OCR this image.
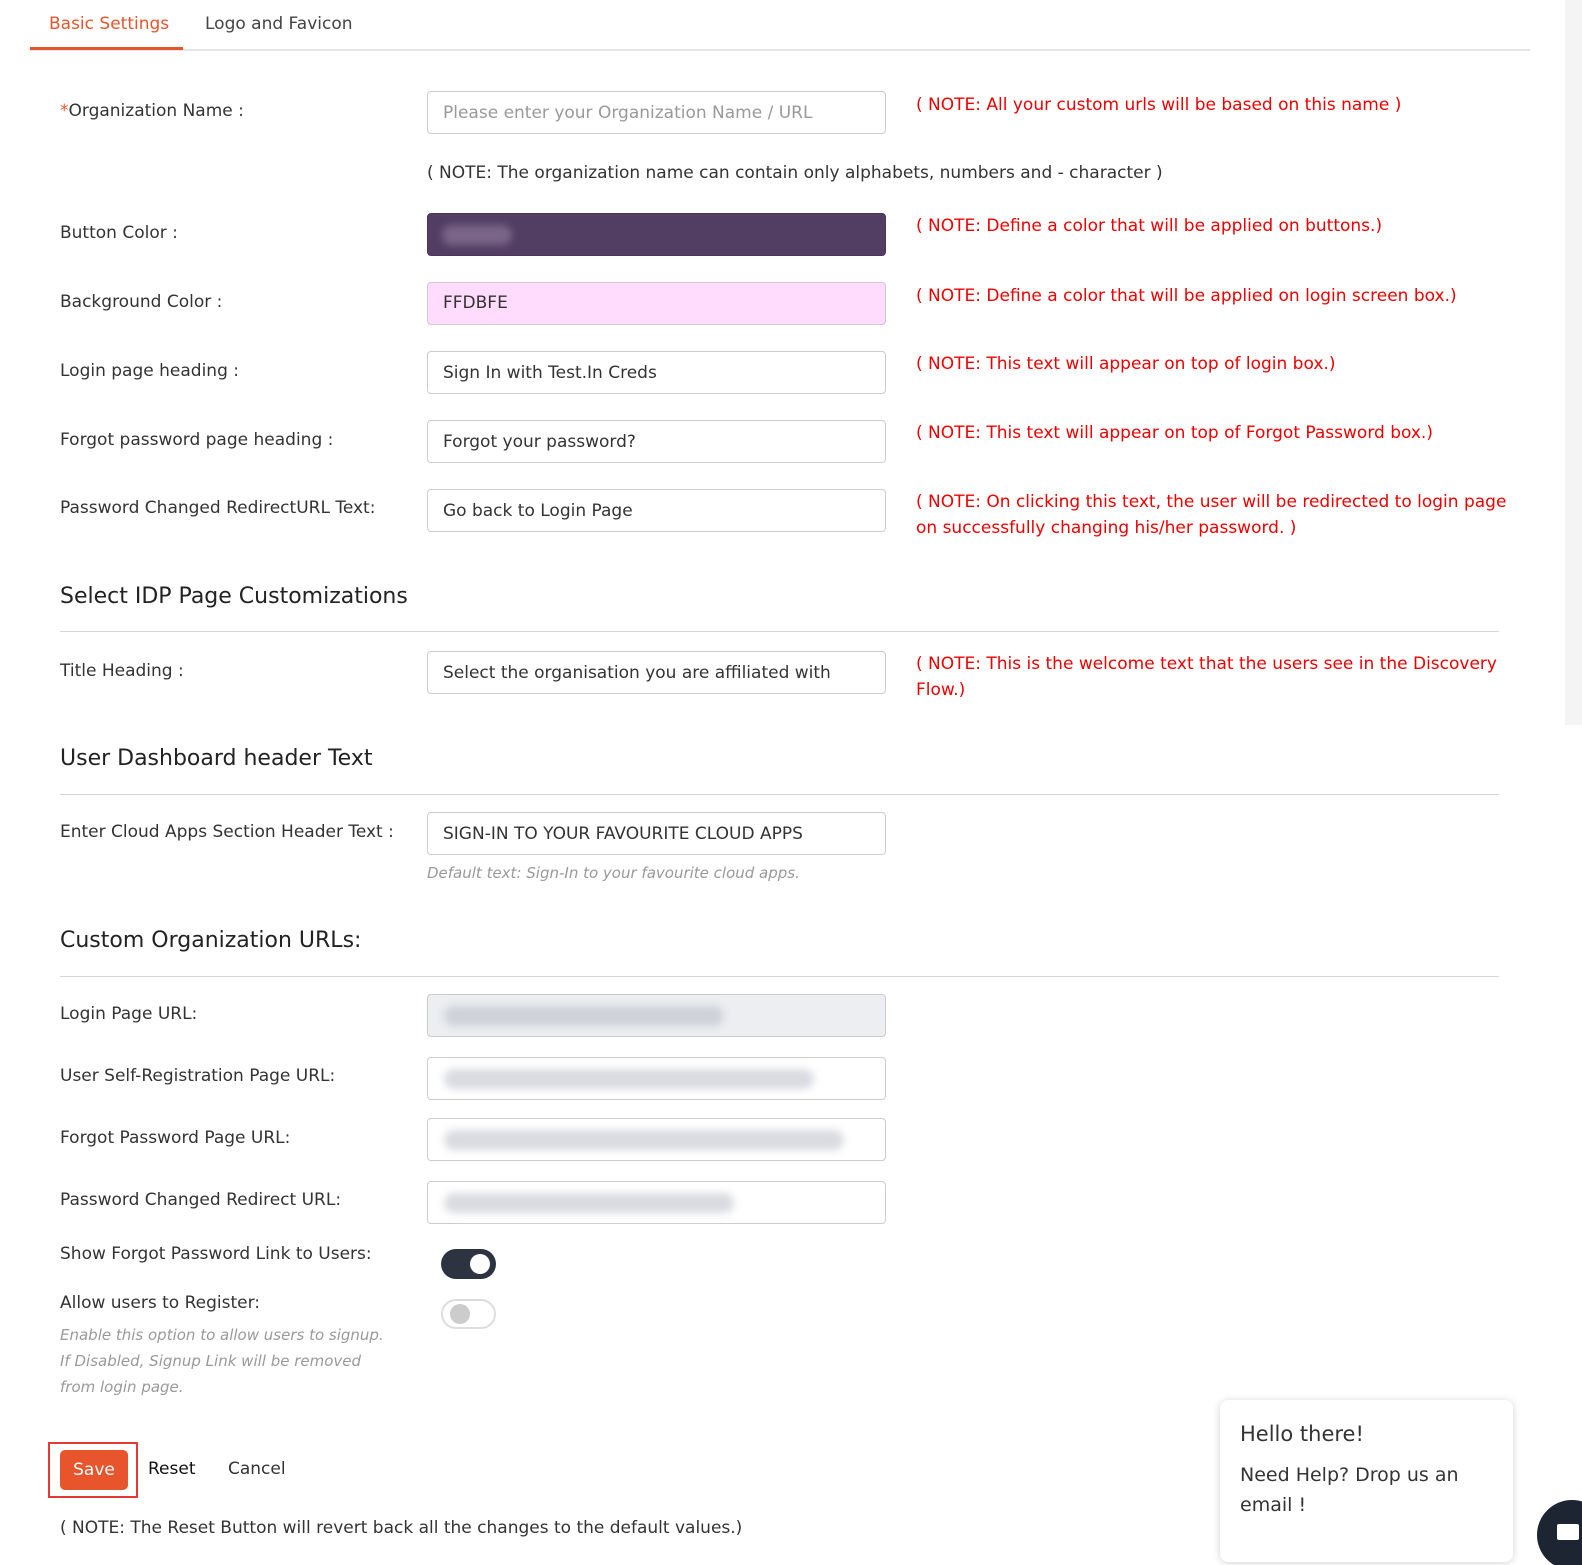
Basic Settings Logo and Favicon
*Organization Name :
Please enter your Organization Name / URL	( NOTE: All your custom urls will be based on this name )
( NOTE: The organization name can contain only alphabets, numbers and - character )
Button Color :	( NOTE: Define a color that will be applied on buttons.)
Background Color :	FFDBFE	( NOTE: Define a color that will be applied on login screen box.)
Login page heading :
Sign In with Test.In Creds	( NOTE: This text will appear on top of login box.)
Forgot password page heading :
Forgot your password?	( NOTE: This text will appear on top of Forgot Password box.)
Password Changed RedirectURL Text:
Go back to Login Page	( NOTE: On clicking this text, the user will be redirected to login page on successfully changing his/her password. )
Select IDP Page Customizations
Title Heading :
Select the organisation you are affiliated with	( NOTE: This is the welcome text that the users see in the Discovery Flow.)
User Dashboard header Text
Enter Cloud Apps Section Header Text :
SIGN-IN TO YOUR FAVOURITE CLOUD APPS
Default text: Sign-In to your favourite cloud apps.
Custom Organization URLs:
Login Page URL:
User Self-Registration Page URL:
Forgot Password Page URL:
Password Changed Redirect URL:
Show Forgot Password Link to Users:
Allow users to Register:
Enable this option to allow users to signup. If Disabled, Signup Link will be removed from login page.
Save	Reset Cancel
( NOTE: The Reset Button will revert back all the changes to the default values.)
Hello there!
Need Help? Drop us an email !
